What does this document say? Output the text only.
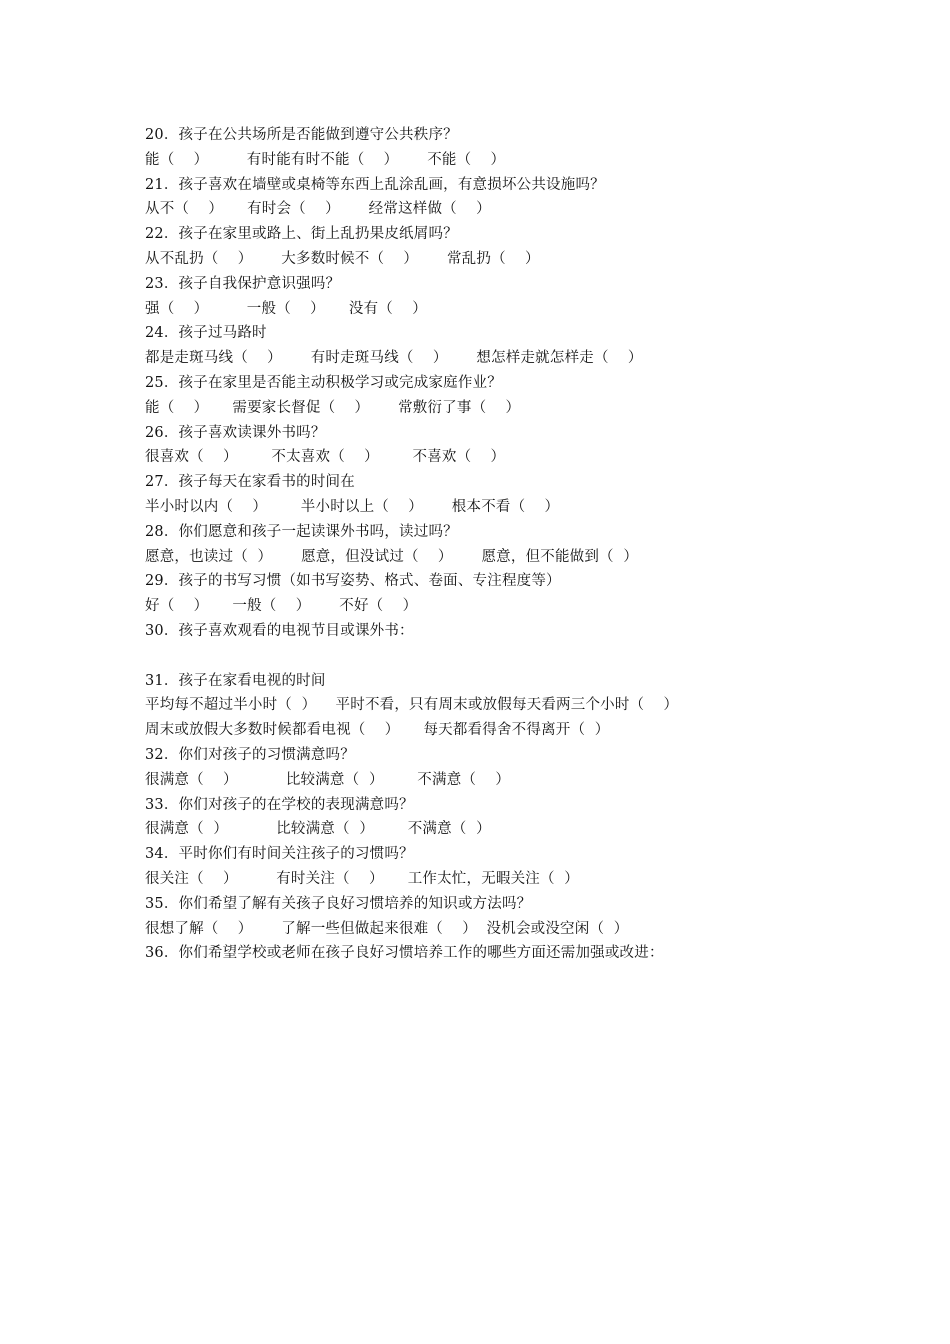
20．孩子在公共场所是否能做到遵守公共秩序？
能（    ）        有时能有时不能（    ）      不能（    ）
21．孩子喜欢在墙壁或桌椅等东西上乱涂乱画，有意损坏公共设施吗？
从不（    ）     有时会（    ）      经常这样做（    ）
22．孩子在家里或路上、街上乱扔果皮纸屑吗？
从不乱扔（    ）      大多数时候不（    ）      常乱扔（    ）
23．孩子自我保护意识强吗？
强（    ）        一般（    ）     没有（    ）
24．孩子过马路时
都是走斑马线（    ）      有时走斑马线（    ）      想怎样走就怎样走（    ）
25．孩子在家里是否能主动积极学习或完成家庭作业？
能（    ）     需要家长督促（    ）      常敷衍了事（    ）
26．孩子喜欢读课外书吗？
很喜欢（    ）       不太喜欢（    ）       不喜欢（    ）
27．孩子每天在家看书的时间在
半小时以内（    ）       半小时以上（    ）      根本不看（    ）
28．你们愿意和孩子一起读课外书吗，读过吗？
愿意，也读过（  ）      愿意，但没试过（    ）      愿意，但不能做到（  ）
29．孩子的书写习惯（如书写姿势、格式、卷面、专注程度等）
好（    ）     一般（    ）      不好（    ）
30．孩子喜欢观看的电视节目或课外书：
31．孩子在家看电视的时间
平均每不超过半小时（  ）    平时不看，只有周末或放假每天看两三个小时（    ）
周末或放假大多数时候都看电视（    ）     每天都看得舍不得离开（  ）
32．你们对孩子的习惯满意吗？
很满意（    ）          比较满意（  ）       不满意（    ）
33．你们对孩子的在学校的表现满意吗？
很满意（  ）          比较满意（  ）       不满意（  ）
34．平时你们有时间关注孩子的习惯吗？
很关注（    ）        有时关注（    ）     工作太忙，无暇关注（  ）
35．你们希望了解有关孩子良好习惯培养的知识或方法吗？
很想了解（    ）      了解一些但做起来很难（    ）  没机会或没空闲（  ）
36．你们希望学校或老师在孩子良好习惯培养工作的哪些方面还需加强或改进：
